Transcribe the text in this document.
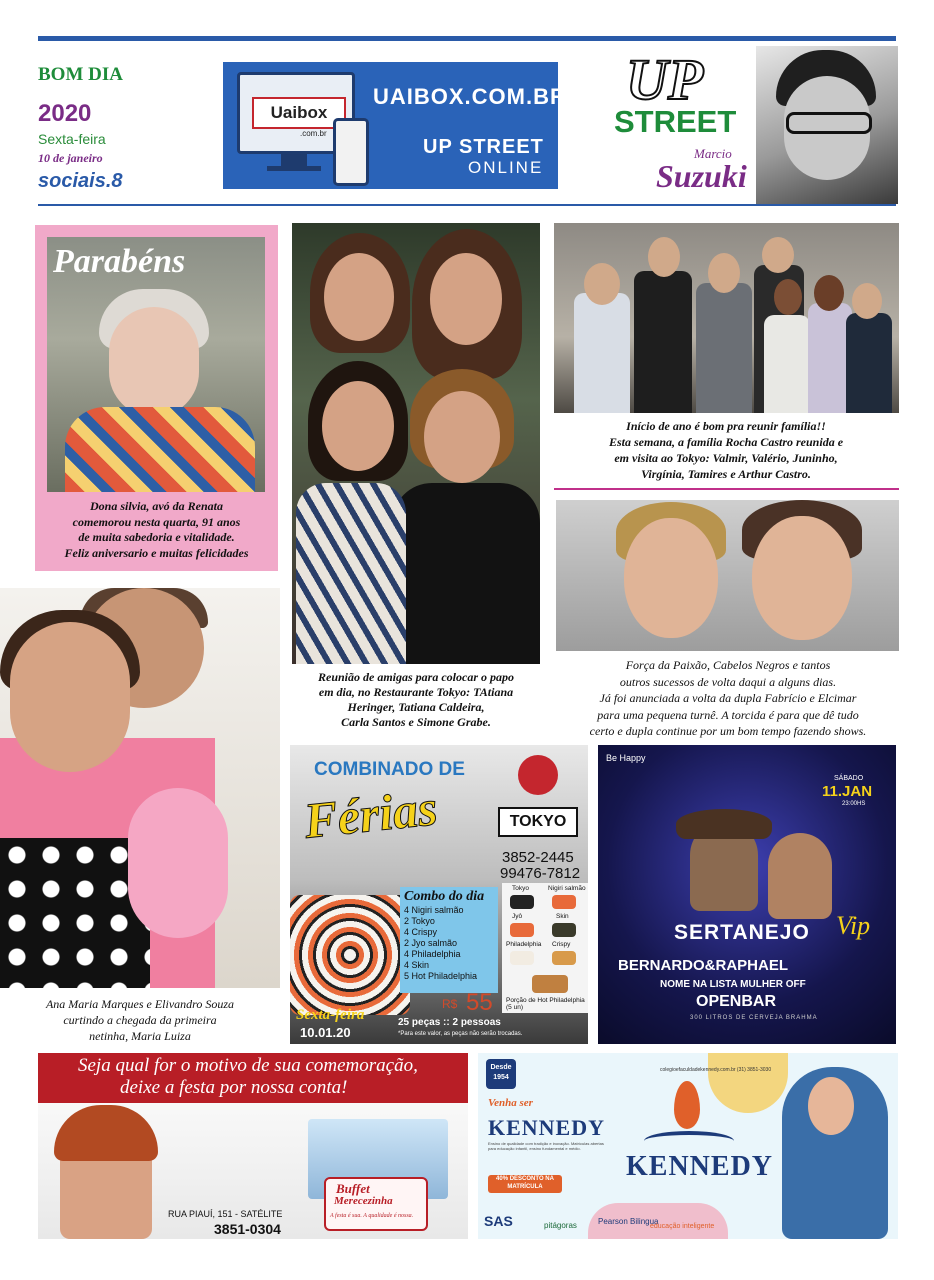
BOM DIA
2020
Sexta-feira
10 de janeiro
sociais.8
Uaibox
.com.br
UAIBOX.COM.BR
UP STREET
ONLINE
UP
STREET
Marcio
Suzuki
Parabéns
Dona silvia, avó da Renata
comemorou nesta quarta, 91 anos
de muita sabedoria e vitalidade.
Feliz aniversario e muitas felicidades
Reunião de amigas para colocar o papo
em dia, no Restaurante Tokyo: TAtiana
Heringer, Tatiana Caldeira,
Carla Santos e Simone Grabe.
Início de ano é bom pra reunir família!!
Esta semana, a família Rocha Castro reunida e
em visita ao Tokyo: Valmir, Valério, Juninho,
Virgínia, Tamires e Arthur Castro.
Força da Paixão, Cabelos Negros e tantos
outros sucessos de volta daqui a alguns dias.
Já foi anunciada a volta da dupla Fabrício e Elcimar
para uma pequena turnê. A torcida é para que dê tudo
certo e dupla continue por um bom tempo fazendo shows.
Ana Maria Marques e Elivandro Souza
curtindo a chegada da primeira
netinha, Maria Luiza
COMBINADO DE
Férias	TOKYO
3852-2445
99476-7812
Combo do dia
4 Nigiri salmão
2 Tokyo
4 Crispy
2 Jyo salmão
4 Philadelphia
4 Skin
5 Hot Philadelphia
Tokyo	Nigiri salmão
Jyô	Skin
Philadelphia Crispy
Porção de Hot Philadelphia (5 un)
R$ 55
25 peças :: 2 pessoas
Sexta-feira
10.01.20	*Para este valor, as peças não serão trocadas.
Be Happy
SÁBADO
11.JAN
23:00HS
SERTANEJO Vip
BERNARDO&RAPHAEL
NOME NA LISTA MULHER OFF
OPENBAR
300 LITROS DE CERVEJA BRAHMA
Seja qual for o motivo de sua comemoração,
deixe a festa por nossa conta!
Buffet
Merecezinha
A festa é sua. A qualidade é nossa.
RUA PIAUÍ, 151 - SATÉLITE
3851-0304
Desde
1954
colegioefaculdadekennedy.com.br (31) 3851-3030
Venha ser
KENNEDY
Ensino de qualidade com tradição e inovação. Matrículas abertas para educação infantil, ensino fundamental e médio.
40% DESCONTO NA MATRÍCULA
KENNEDY
SAS	pitágoras	Pearson Bilingua
educação inteligente
